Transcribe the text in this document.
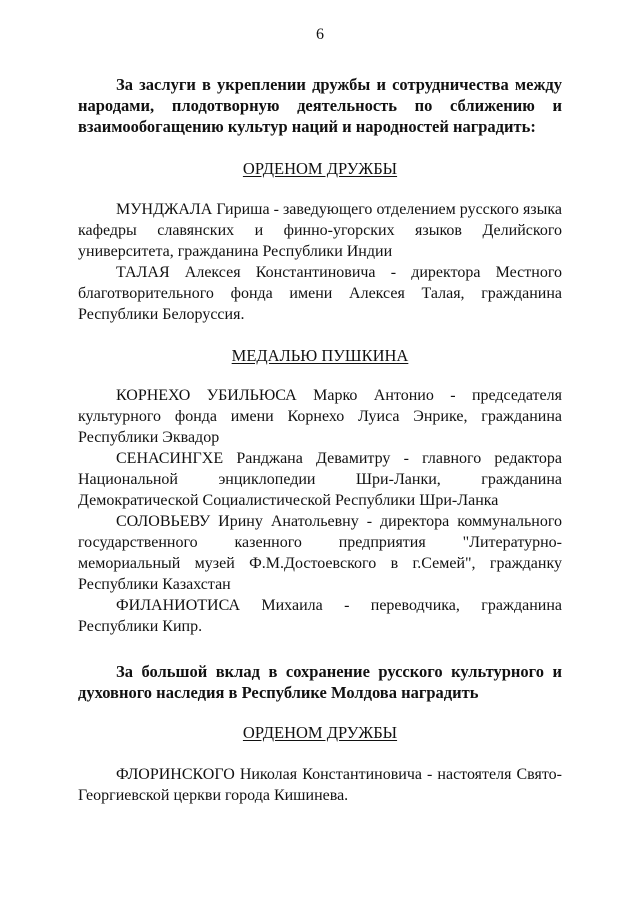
6

За заслуги в укреплении дружбы и сотрудничества между народами, плодотворную деятельность по сближению и взаимообогащению культур наций и народностей наградить:

ОРДЕНОМ ДРУЖБЫ

МУНДЖАЛА Гириша - заведующего отделением русского языка кафедры славянских и финно-угорских языков Делийского университета, гражданина Республики Индии

ТАЛАЯ Алексея Константиновича - директора Местного благотворительного фонда имени Алексея Талая, гражданина Республики Белоруссия.

МЕДАЛЬЮ ПУШКИНА

КОРНЕХО УБИЛЬЮСА Марко Антонио - председателя культурного фонда имени Корнехо Луиса Энрике, гражданина Республики Эквадор

СЕНАСИНГХЕ Ранджана Девамитру - главного редактора Национальной энциклопедии Шри-Ланки, гражданина Демократической Социалистической Республики Шри-Ланка

СОЛОВЬЕВУ Ирину Анатольевну - директора коммунального государственного казенного предприятия "Литературно-мемориальный музей Ф.М.Достоевского в г.Семей", гражданку Республики Казахстан

ФИЛАНИОТИСА Михаила - переводчика, гражданина Республики Кипр.

За большой вклад в сохранение русского культурного и духовного наследия в Республике Молдова наградить

ОРДЕНОМ ДРУЖБЫ

ФЛОРИНСКОГО Николая Константиновича - настоятеля Свято-Георгиевской церкви города Кишинева.
